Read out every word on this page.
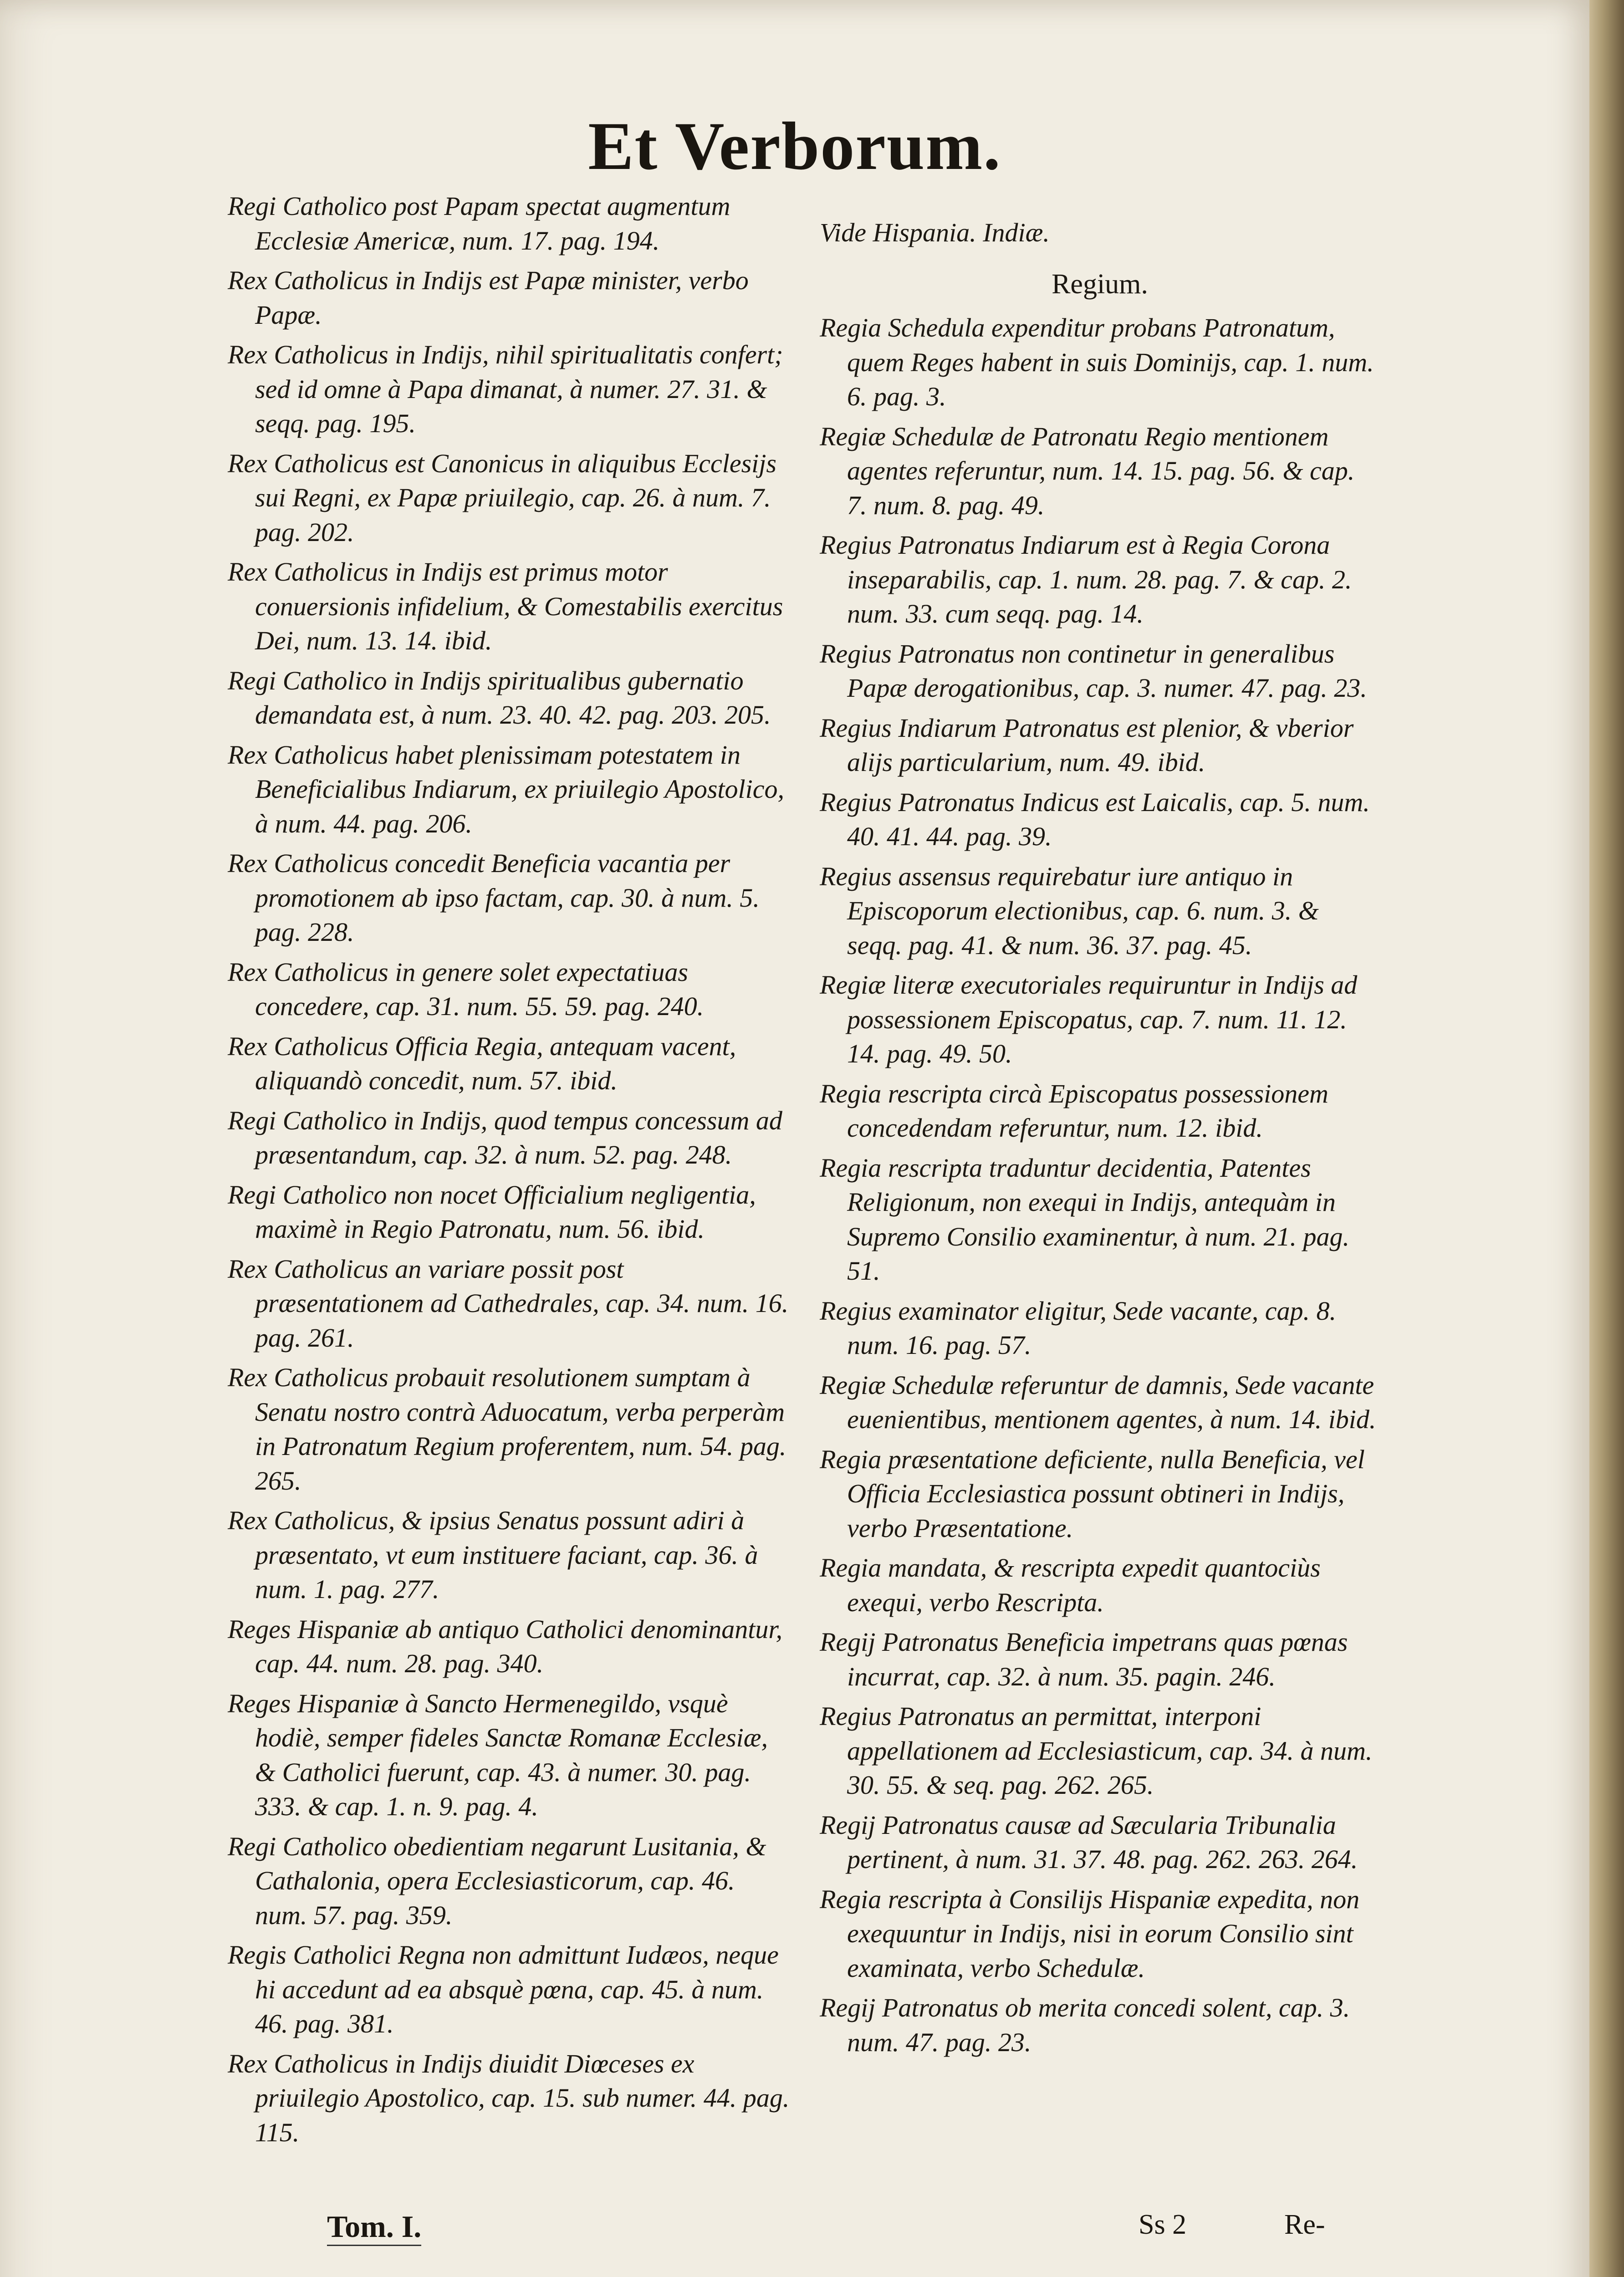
Et Verborum.

Regi Catholico post Papam spectat augmentum Ecclesiæ Americæ, num. 17. pag. 194.

Rex Catholicus in Indijs est Papæ minister, verbo Papæ.

Rex Catholicus in Indijs, nihil spiritualitatis confert; sed id omne à Papa dimanat, à numer. 27. 31. & seqq. pag. 195.

Rex Catholicus est Canonicus in aliquibus Ecclesijs sui Regni, ex Papæ priuilegio, cap. 26. à num. 7. pag. 202.

Rex Catholicus in Indijs est primus motor conuersionis infidelium, & Comestabilis exercitus Dei, num. 13. 14. ibid.

Regi Catholico in Indijs spiritualibus gubernatio demandata est, à num. 23. 40. 42. pag. 203. 205.

Rex Catholicus habet plenissimam potestatem in Beneficialibus Indiarum, ex priuilegio Apostolico, à num. 44. pag. 206.

Rex Catholicus concedit Beneficia vacantia per promotionem ab ipso factam, cap. 30. à num. 5. pag. 228.

Rex Catholicus in genere solet expectatiuas concedere, cap. 31. num. 55. 59. pag. 240.

Rex Catholicus Officia Regia, antequam vacent, aliquandò concedit, num. 57. ibid.

Regi Catholico in Indijs, quod tempus concessum ad præsentandum, cap. 32. à num. 52. pag. 248.

Regi Catholico non nocet Officialium negligentia, maximè in Regio Patronatu, num. 56. ibid.

Rex Catholicus an variare possit post præsentationem ad Cathedrales, cap. 34. num. 16. pag. 261.

Rex Catholicus probauit resolutionem sumptam à Senatu nostro contrà Aduocatum, verba perperàm in Patronatum Regium proferentem, num. 54. pag. 265.

Rex Catholicus, & ipsius Senatus possunt adiri à præsentato, vt eum instituere faciant, cap. 36. à num. 1. pag. 277.

Reges Hispaniæ ab antiquo Catholici denominantur, cap. 44. num. 28. pag. 340.

Reges Hispaniæ à Sancto Hermenegildo, vsquè hodiè, semper fideles Sanctæ Romanæ Ecclesiæ, & Catholici fuerunt, cap. 43. à numer. 30. pag. 333. & cap. 1. n. 9. pag. 4.

Regi Catholico obedientiam negarunt Lusitania, & Cathalonia, opera Ecclesiasticorum, cap. 46. num. 57. pag. 359.

Regis Catholici Regna non admittunt Iudæos, neque hi accedunt ad ea absquè pœna, cap. 45. à num. 46. pag. 381.

Rex Catholicus in Indijs diuidit Diœceses ex priuilegio Apostolico, cap. 15. sub numer. 44. pag. 115.

Vide Hispania. Indiæ.

Regium.

Regia Schedula expenditur probans Patronatum, quem Reges habent in suis Dominijs, cap. 1. num. 6. pag. 3.

Regiæ Schedulæ de Patronatu Regio mentionem agentes referuntur, num. 14. 15. pag. 56. & cap. 7. num. 8. pag. 49.

Regius Patronatus Indiarum est à Regia Corona inseparabilis, cap. 1. num. 28. pag. 7. & cap. 2. num. 33. cum seqq. pag. 14.

Regius Patronatus non continetur in generalibus Papæ derogationibus, cap. 3. numer. 47. pag. 23.

Regius Indiarum Patronatus est plenior, & vberior alijs particularium, num. 49. ibid.

Regius Patronatus Indicus est Laicalis, cap. 5. num. 40. 41. 44. pag. 39.

Regius assensus requirebatur iure antiquo in Episcoporum electionibus, cap. 6. num. 3. & seqq. pag. 41. & num. 36. 37. pag. 45.

Regiæ literæ executoriales requiruntur in Indijs ad possessionem Episcopatus, cap. 7. num. 11. 12. 14. pag. 49. 50.

Regia rescripta circà Episcopatus possessionem concedendam referuntur, num. 12. ibid.

Regia rescripta traduntur decidentia, Patentes Religionum, non exequi in Indijs, antequàm in Supremo Consilio examinentur, à num. 21. pag. 51.

Regius examinator eligitur, Sede vacante, cap. 8. num. 16. pag. 57.

Regiæ Schedulæ referuntur de damnis, Sede vacante euenientibus, mentionem agentes, à num. 14. ibid.

Regia præsentatione deficiente, nulla Beneficia, vel Officia Ecclesiastica possunt obtineri in Indijs, verbo Præsentatione.

Regia mandata, & rescripta expedit quantociùs exequi, verbo Rescripta.

Regij Patronatus Beneficia impetrans quas pœnas incurrat, cap. 32. à num. 35. pagin. 246.

Regius Patronatus an permittat, interponi appellationem ad Ecclesiasticum, cap. 34. à num. 30. 55. & seq. pag. 262. 265.

Regij Patronatus causæ ad Sæcularia Tribunalia pertinent, à num. 31. 37. 48. pag. 262. 263. 264.

Regia rescripta à Consilijs Hispaniæ expedita, non exequuntur in Indijs, nisi in eorum Consilio sint examinata, verbo Schedulæ.

Regij Patronatus ob merita concedi solent, cap. 3. num. 47. pag. 23.

Tom. I.	Ss 2	Re-
